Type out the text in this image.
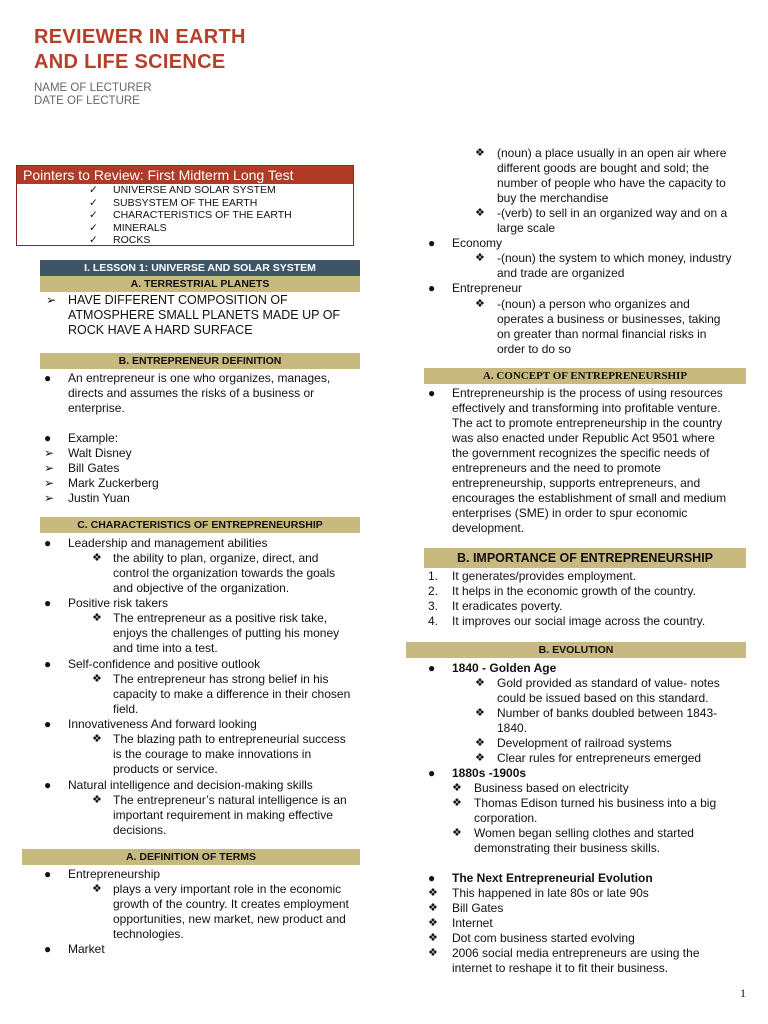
REVIEWER IN EARTH
AND LIFE SCIENCE
NAME OF LECTURER
DATE OF LECTURE
Pointers to Review: First Midterm Long Test
✓	UNIVERSE AND SOLAR SYSTEM
✓	SUBSYSTEM OF THE EARTH
✓	CHARACTERISTICS OF THE EARTH
✓	MINERALS
✓	ROCKS
I. LESSON 1: UNIVERSE AND SOLAR SYSTEM
A. TERRESTRIAL PLANETS
➢ HAVE DIFFERENT COMPOSITION OF
ATMOSPHERE SMALL PLANETS MADE UP OF
ROCK HAVE A HARD SURFACE
B. ENTREPRENEUR DEFINITION
● An entrepreneur is one who organizes, manages,
directs and assumes the risks of a business or
enterprise.
● Example:
➢ Walt Disney
➢ Bill Gates
➢ Mark Zuckerberg
➢ Justin Yuan
C. CHARACTERISTICS OF ENTREPRENEURSHIP
● Leadership and management abilities
❖ the ability to plan, organize, direct, and
control the organization towards the goals
and objective of the organization.
● Positive risk takers
❖ The entrepreneur as a positive risk take,
enjoys the challenges of putting his money
and time into a test.
● Self-confidence and positive outlook
❖ The entrepreneur has strong belief in his
capacity to make a difference in their chosen
field.
● Innovativeness And forward looking
❖ The blazing path to entrepreneurial success
is the courage to make innovations in
products or service.
● Natural intelligence and decision-making skills
❖ The entrepreneur’s natural intelligence is an
important requirement in making effective
decisions.
A. DEFINITION OF TERMS
● Entrepreneurship
❖ plays a very important role in the economic
growth of the country. It creates employment
opportunities, new market, new product and
technologies.
● Market
❖ (noun) a place usually in an open air where
different goods are bought and sold; the
number of people who have the capacity to
buy the merchandise
❖ -(verb) to sell in an organized way and on a
large scale
● Economy
❖ -(noun) the system to which money, industry
and trade are organized
● Entrepreneur
❖ -(noun) a person who organizes and
operates a business or businesses, taking
on greater than normal financial risks in
order to do so
A. CONCEPT OF ENTREPRENEURSHIP
● Entrepreneurship is the process of using resources
effectively and transforming into profitable venture.
The act to promote entrepreneurship in the country
was also enacted under Republic Act 9501 where
the government recognizes the specific needs of
entrepreneurs and the need to promote
entrepreneurship, supports entrepreneurs, and
encourages the establishment of small and medium
enterprises (SME) in order to spur economic
development.
B. IMPORTANCE OF ENTREPRENEURSHIP
1. It generates/provides employment.
2. It helps in the economic growth of the country.
3. It eradicates poverty.
4. It improves our social image across the country.
B. EVOLUTION
● 1840 - Golden Age
❖ Gold provided as standard of value- notes
could be issued based on this standard.
❖ Number of banks doubled between 1843-
1840.
❖ Development of railroad systems
❖ Clear rules for entrepreneurs emerged
● 1880s -1900s
❖ Business based on electricity
❖ Thomas Edison turned his business into a big
corporation.
❖ Women began selling clothes and started
demonstrating their business skills.
● The Next Entrepreneurial Evolution
❖ This happened in late 80s or late 90s
❖ Bill Gates
❖ Internet
❖ Dot com business started evolving
❖ 2006 social media entrepreneurs are using the
internet to reshape it to fit their business.
1
